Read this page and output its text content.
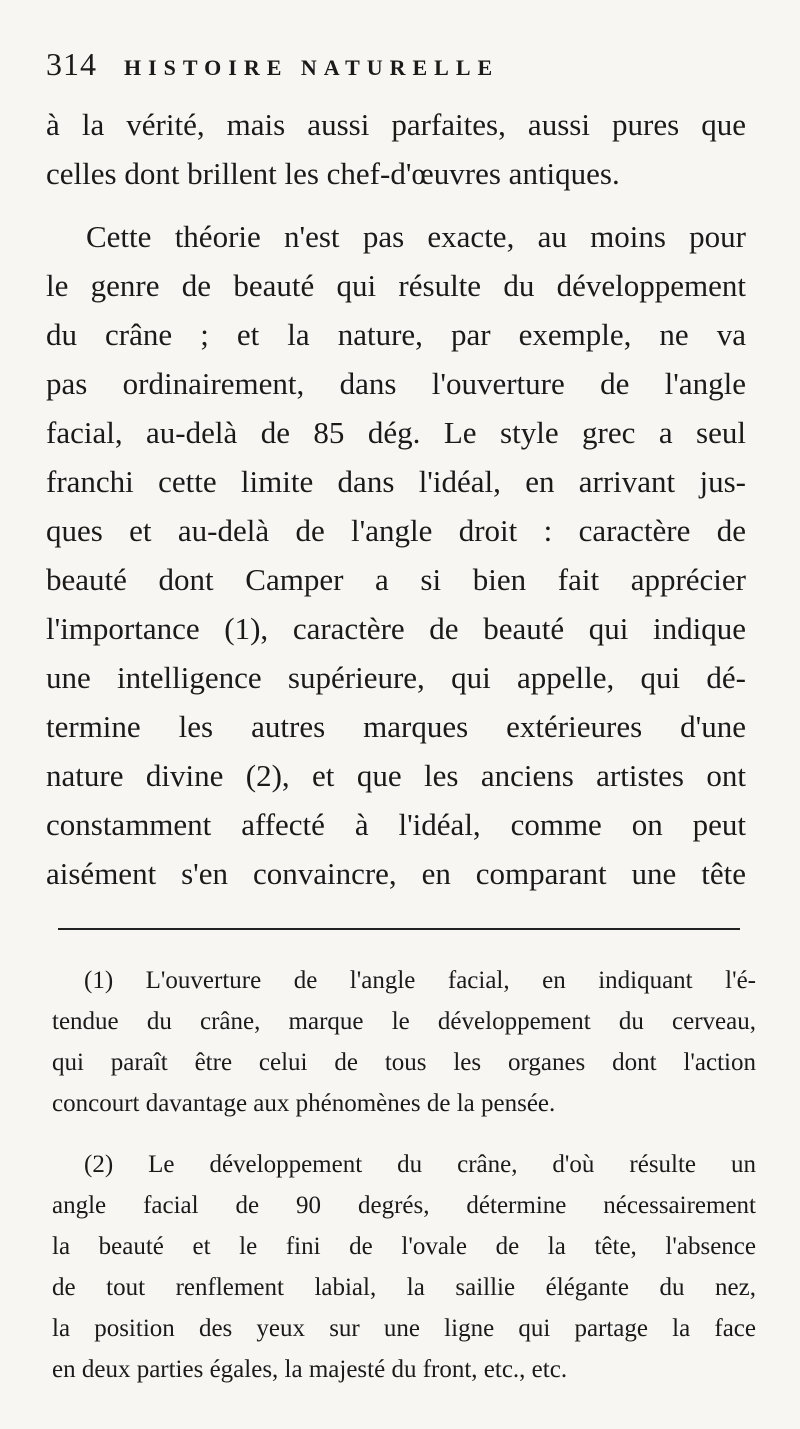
314 HISTOIRE NATURELLE
à la vérité, mais aussi parfaites, aussi pures que
celles dont brillent les chef-d'œuvres antiques.
Cette théorie n'est pas exacte, au moins pour
le genre de beauté qui résulte du développement
du crâne ; et la nature, par exemple, ne va
pas ordinairement, dans l'ouverture de l'angle
facial, au-delà de 85 dég. Le style grec a seul
franchi cette limite dans l'idéal, en arrivant jus-
ques et au-delà de l'angle droit : caractère de
beauté dont Camper a si bien fait apprécier
l'importance (1), caractère de beauté qui indique
une intelligence supérieure, qui appelle, qui dé-
termine les autres marques extérieures d'une
nature divine (2), et que les anciens artistes ont
constamment affecté à l'idéal, comme on peut
aisément s'en convaincre, en comparant une tête
(1) L'ouverture de l'angle facial, en indiquant l'é-
tendue du crâne, marque le développement du cerveau,
qui paraît être celui de tous les organes dont l'action
concourt davantage aux phénomènes de la pensée.
(2) Le développement du crâne, d'où résulte un
angle facial de 90 degrés, détermine nécessairement
la beauté et le fini de l'ovale de la tête, l'absence
de tout renflement labial, la saillie élégante du nez,
la position des yeux sur une ligne qui partage la face
en deux parties égales, la majesté du front, etc., etc.
